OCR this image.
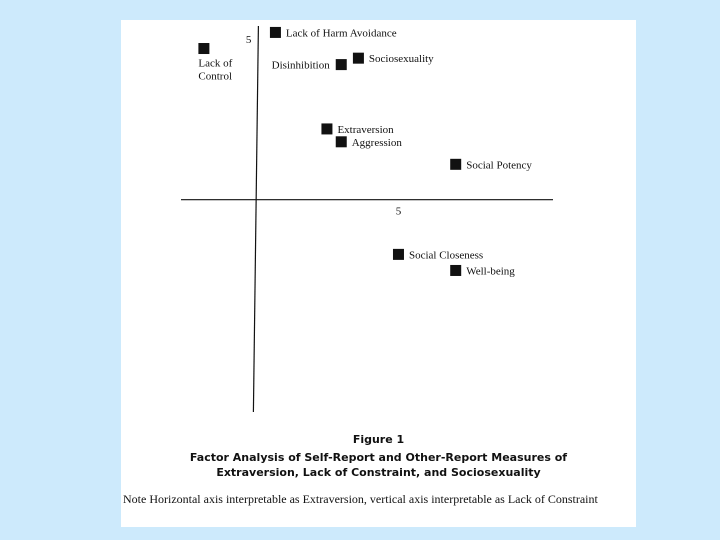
5
5
Lack of Harm Avoidance
Lack of Control
Sociosexuality
Disinhibition
Extraversion
Aggression
Social Potency
Social Closeness
Well-being
Figure 1
Factor Analysis of Self-Report and Other-Report Measures of
Extraversion, Lack of Constraint, and Sociosexuality
Note Horizontal axis interpretable as Extraversion, vertical axis interpretable as Lack of Constraint
